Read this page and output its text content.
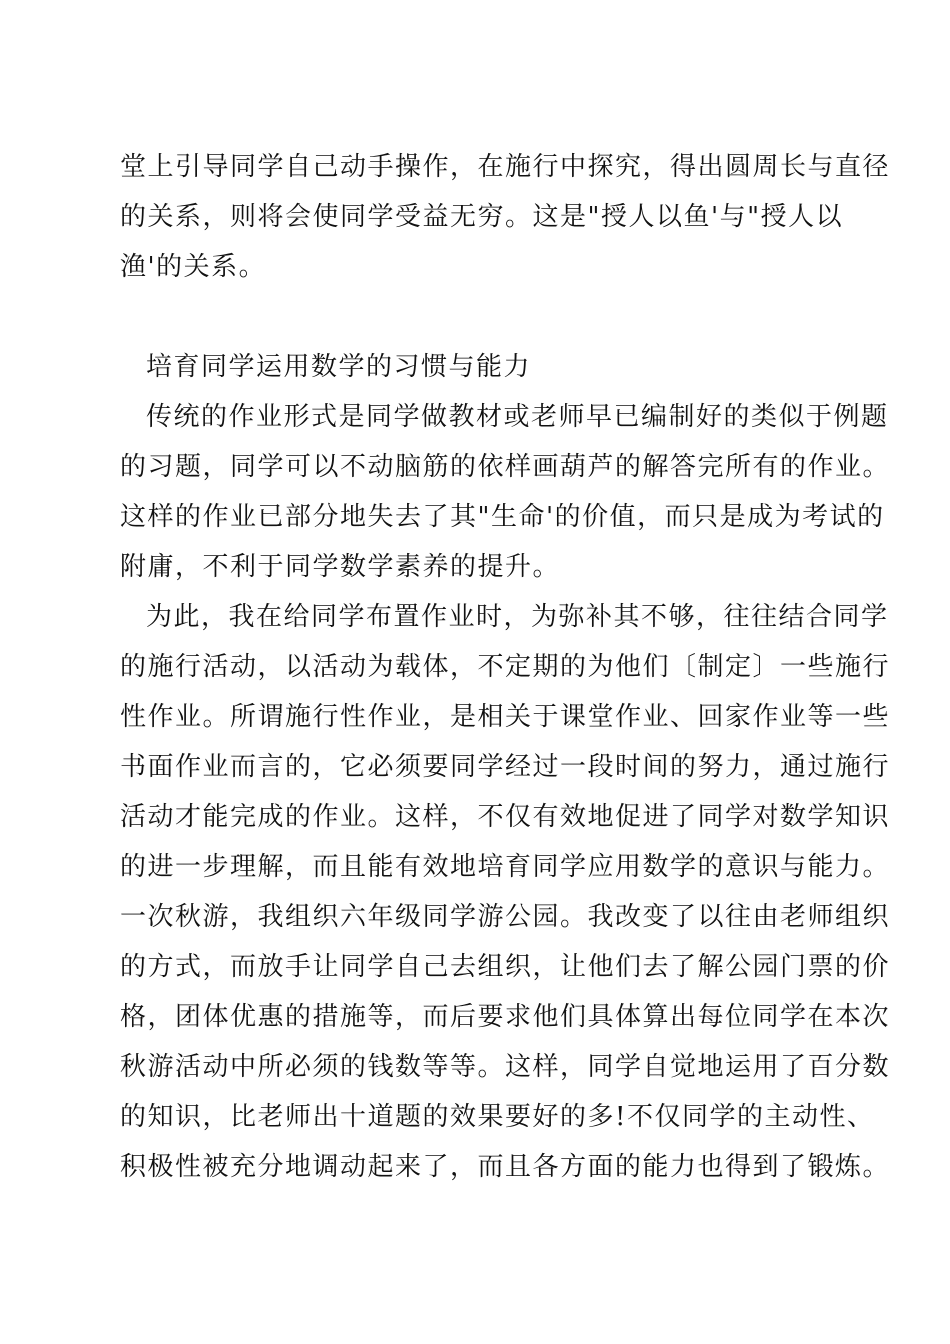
堂上引导同学自己动手操作，在施行中探究，得出圆周长与直径
的关系，则将会使同学受益无穷。这是"授人以鱼'与"授人以
渔'的关系。
培育同学运用数学的习惯与能力
传统的作业形式是同学做教材或老师早已编制好的类似于例题
的习题，同学可以不动脑筋的依样画葫芦的解答完所有的作业。
这样的作业已部分地失去了其"生命'的价值，而只是成为考试的
附庸，不利于同学数学素养的提升。
为此，我在给同学布置作业时，为弥补其不够，往往结合同学
的施行活动，以活动为载体，不定期的为他们〔制定〕一些施行
性作业。所谓施行性作业，是相关于课堂作业、回家作业等一些
书面作业而言的，它必须要同学经过一段时间的努力，通过施行
活动才能完成的作业。这样，不仅有效地促进了同学对数学知识
的进一步理解，而且能有效地培育同学应用数学的意识与能力。
一次秋游，我组织六年级同学游公园。我改变了以往由老师组织
的方式，而放手让同学自己去组织，让他们去了解公园门票的价
格，团体优惠的措施等，而后要求他们具体算出每位同学在本次
秋游活动中所必须的钱数等等。这样，同学自觉地运用了百分数
的知识，比老师出十道题的效果要好的多!不仅同学的主动性、
积极性被充分地调动起来了，而且各方面的能力也得到了锻炼。
